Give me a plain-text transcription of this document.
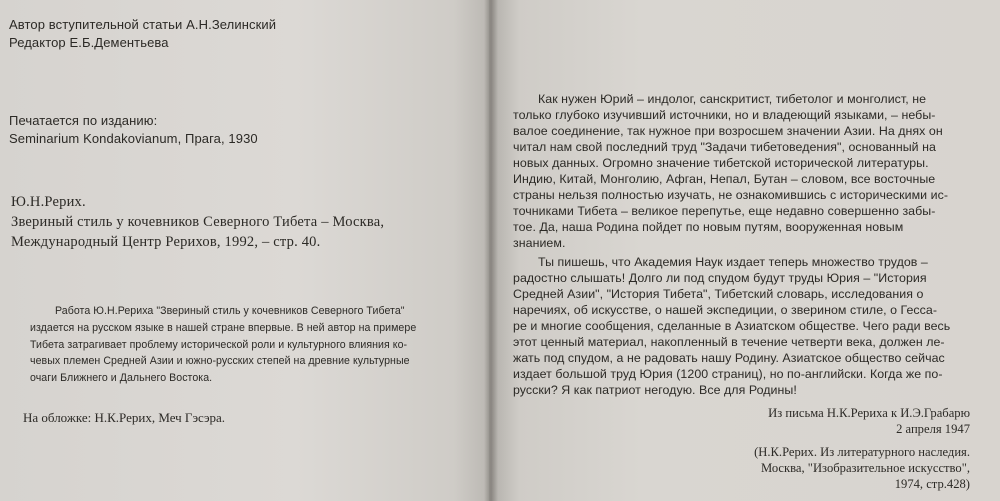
Автор вступительной статьи А.Н.Зелинский
Редактор Е.Б.Дементьева
Печатается по изданию:
Seminarium Kondakovianum, Прага, 1930
Ю.Н.Рерих.
Звериный стиль у кочевников Северного Тибета – Москва,
Международный Центр Рерихов, 1992, – стр. 40.
Работа Ю.Н.Рериха "Звериный стиль у кочевников Северного Тибета"
издается на русском языке в нашей стране впервые. В ней автор на примере
Тибета затрагивает проблему исторической роли и культурного влияния ко-
чевых племен Средней Азии и южно-русских степей на древние культурные
очаги Ближнего и Дальнего Востока.
На обложке: Н.К.Рерих, Меч Гэсэра.
Как нужен Юрий – индолог, санскритист, тибетолог и монголист, не
только глубоко изучивший источники, но и владеющий языками, – небы-
валое соединение, так нужное при возросшем значении Азии. На днях он
читал нам свой последний труд "Задачи тибетоведения", основанный на
новых данных. Огромно значение тибетской исторической литературы.
Индию, Китай, Монголию, Афган, Непал, Бутан – словом, все восточные
страны нельзя полностью изучать, не ознакомившись с историческими ис-
точниками Тибета – великое перепутье, еще недавно совершенно забы-
тое. Да, наша Родина пойдет по новым путям, вооруженная новым
знанием.
Ты пишешь, что Академия Наук издает теперь множество трудов –
радостно слышать! Долго ли под спудом будут труды Юрия – "История
Средней Азии", "История Тибета", Тибетский словарь, исследования о
наречиях, об искусстве, о нашей экспедиции, о зверином стиле, о Гесса-
ре и многие сообщения, сделанные в Азиатском обществе. Чего ради весь
этот ценный материал, накопленный в течение четверти века, должен ле-
жать под спудом, а не радовать нашу Родину. Азиатское общество сейчас
издает большой труд Юрия (1200 страниц), но по-английски. Когда же по-
русски? Я как патриот негодую. Все для Родины!
Из письма Н.К.Рериха к И.Э.Грабарю
2 апреля 1947
(Н.К.Рерих. Из литературного наследия.
Москва, "Изобразительное искусство",
1974, стр.428)
